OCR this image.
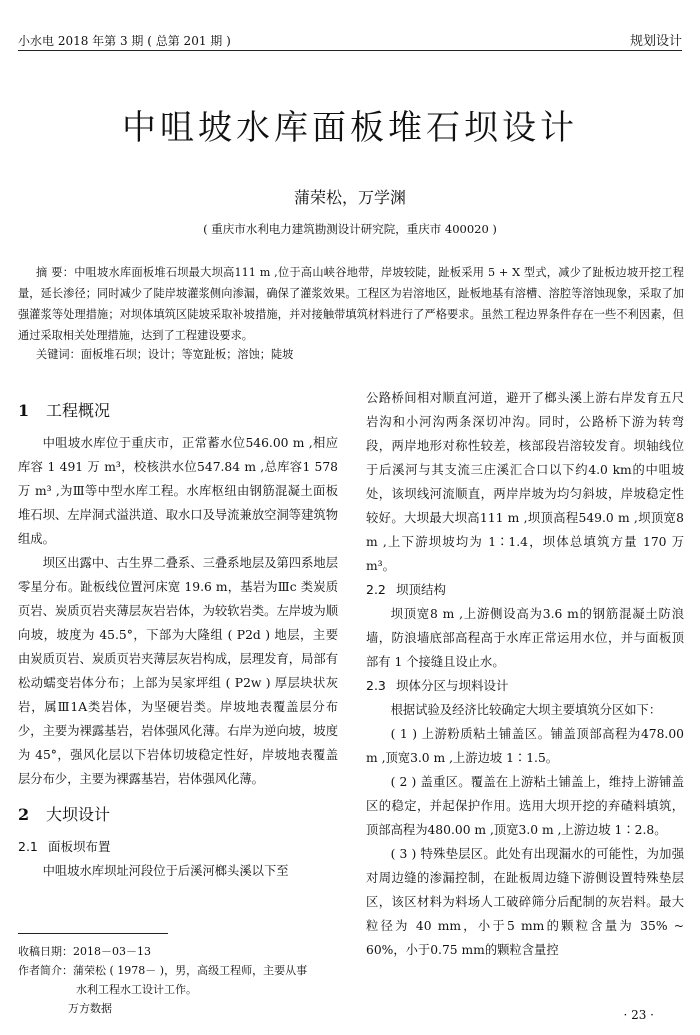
小水电 2018 年第 3 期 ( 总第 201 期 )	规划设计
中咀坡水库面板堆石坝设计
蒲荣松，万学渊
( 重庆市水利电力建筑勘测设计研究院，重庆市 400020 )
摘 要：中咀坡水库面板堆石坝最大坝高111 m ,位于高山峡谷地带，岸坡较陡，趾板采用 5 + X 型式，减少了趾板边坡开挖工程量，延长渗径；同时减少了陡岸坡灌浆侧向渗漏，确保了灌浆效果。工程区为岩溶地区，趾板地基有溶槽、溶腔等溶蚀现象，采取了加强灌浆等处理措施；对坝体填筑区陡坡采取补坡措施，并对接触带填筑材料进行了严格要求。虽然工程边界条件存在一些不利因素，但通过采取相关处理措施，达到了工程建设要求。
关键词：面板堆石坝；设计；等宽趾板；溶蚀；陡坡
1 工程概况

中咀坡水库位于重庆市，正常蓄水位546.00 m ,相应库容 1 491 万 m³，校核洪水位547.84 m ,总库容1 578 万 m³ ,为Ⅲ等中型水库工程。水库枢纽由钢筋混凝土面板堆石坝、左岸洞式溢洪道、取水口及导流兼放空洞等建筑物组成。

坝区出露中、古生界二叠系、三叠系地层及第四系地层零星分布。趾板线位置河床宽 19.6 m，基岩为Ⅲc 类炭质页岩、炭质页岩夹薄层灰岩岩体，为较软岩类。左岸坡为顺向坡，坡度为 45.5°，下部为大隆组 ( P2d ) 地层，主要由炭质页岩、炭质页岩夹薄层灰岩构成，层理发育，局部有松动蠕变岩体分布；上部为吴家坪组 ( P2w ) 厚层块状灰岩，属Ⅲ1A类岩体，为坚硬岩类。岸坡地表覆盖层分布少，主要为裸露基岩，岩体强风化薄。右岸为逆向坡，坡度为 45°，强风化层以下岩体切坡稳定性好，岸坡地表覆盖层分布少，主要为裸露基岩，岩体强风化薄。

2 大坝设计
2.1 面板坝布置

中咀坡水库坝址河段位于后溪河榔头溪以下至

公路桥间相对顺直河道，避开了榔头溪上游右岸发育五尺岩沟和小河沟两条深切冲沟。同时，公路桥下游为转弯段，两岸地形对称性较差，核部段岩溶较发育。坝轴线位于后溪河与其支流三庄溪汇合口以下约4.0 km的中咀坡处，该坝线河流顺直，两岸岸坡为均匀斜坡，岸坡稳定性较好。大坝最大坝高111 m ,坝顶高程549.0 m ,坝顶宽8 m ,上下游坝坡均为 1∶1.4，坝体总填筑方量 170 万 m³。

2.2 坝顶结构

坝顶宽8 m ,上游侧设高为3.6 m的钢筋混凝土防浪墙，防浪墙底部高程高于水库正常运用水位，并与面板顶部有 1 个接缝且设止水。

2.3 坝体分区与坝料设计

根据试验及经济比较确定大坝主要填筑分区如下：

( 1 ) 上游粉质粘土铺盖区。铺盖顶部高程为478.00 m ,顶宽3.0 m ,上游边坡 1∶1.5。

( 2 ) 盖重区。覆盖在上游粘土铺盖上，维持上游铺盖区的稳定，并起保护作用。选用大坝开挖的弃碴料填筑，顶部高程为480.00 m ,顶宽3.0 m ,上游边坡 1∶2.8。

( 3 ) 特殊垫层区。此处有出现漏水的可能性，为加强对周边缝的渗漏控制，在趾板周边缝下游侧设置特殊垫层区，该区材料为料场人工破碎筛分后配制的灰岩料。最大粒径为 40 mm，小于5 mm的颗粒含量为 35% ~ 60%，小于0.75 mm的颗粒含量控

收稿日期：2018－03－13
作者简介：蒲荣松 ( 1978－ )，男，高级工程师，主要从事
水利工程水工设计工作。
万方数据	· 23 ·
